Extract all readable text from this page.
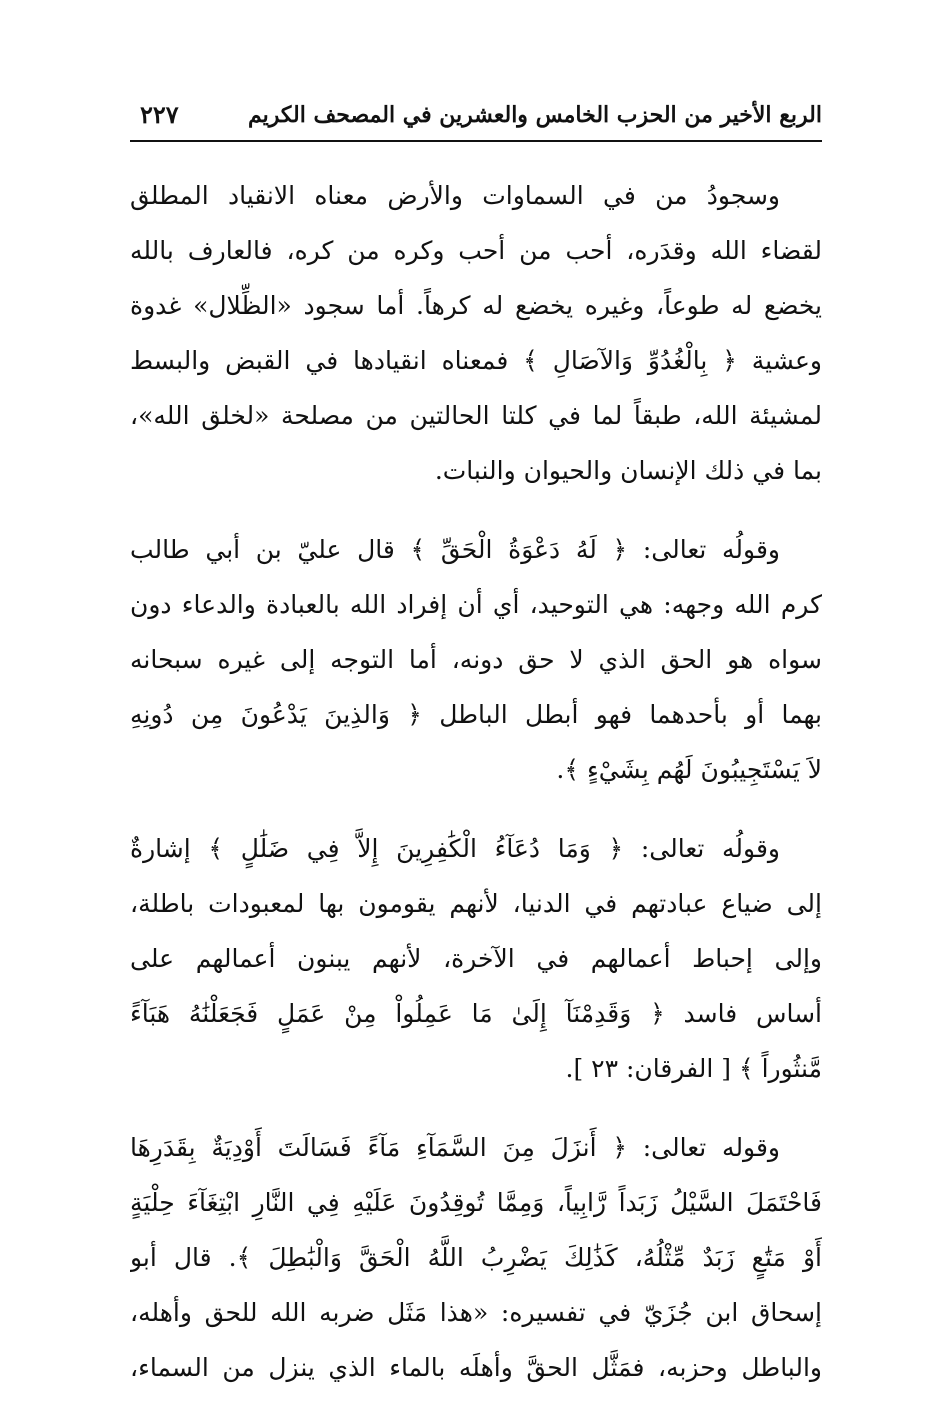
الربع الأخير من الحزب الخامس والعشرين في المصحف الكريم
٢٢٧
وسجودُ من في السماوات والأرض معناه الانقياد المطلق
لقضاء الله وقدَره، أحب من أحب وكره من كره، فالعارف بالله
يخضع له طوعاً، وغيره يخضع له كرهاً. أما سجود «الظِّلال» غدوة
وعشية ﴿ بِالْغُدُوِّ وَالآصَالِ ﴾ فمعناه انقيادها في القبض والبسط
لمشيئة الله، طبقاً لما في كلتا الحالتين من مصلحة «لخلق الله»،
بما في ذلك الإنسان والحيوان والنبات.
وقولُه تعالى: ﴿ لَهُ دَعْوَةُ الْحَقِّ ﴾ قال عليّ بن أبي طالب
كرم الله وجهه: هي التوحيد، أي أن إفراد الله بالعبادة والدعاء دون
سواه هو الحق الذي لا حق دونه، أما التوجه إلى غيره سبحانه
بهما أو بأحدهما فهو أبطل الباطل ﴿ وَالذِينَ يَدْعُونَ مِن دُونِهِ
لاَ يَسْتَجِيبُونَ لَهُم بِشَيْءٍ ﴾.
وقولُه تعالى: ﴿ وَمَا دُعَآءُ الْكَٰفِرِينَ إِلاَّ فِي ضَلَٰلٍ ﴾ إشارةٌ
إلى ضياع عبادتهم في الدنيا، لأنهم يقومون بها لمعبودات باطلة،
وإلى إحباط أعمالهم في الآخرة، لأنهم يبنون أعمالهم على
أساس فاسد ﴿ وَقَدِمْنَآ إِلَىٰ مَا عَمِلُواْ مِنْ عَمَلٍ فَجَعَلْنَٰهُ هَبَآءً
مَّنثُوراً ﴾ [ الفرقان: ٢٣ ].
وقوله تعالى: ﴿ أَنزَلَ مِنَ السَّمَآءِ مَآءً فَسَالَتَ أَوْدِيَةٌ بِقَدَرِهَا
فَاحْتَمَلَ السَّيْلُ زَبَداً رَّابِياً، وَمِمَّا تُوقِدُونَ عَلَيْهِ فِي النَّارِ ابْتِغَآءَ حِلْيَةٍ
أَوْ مَتَٰعٍ زَبَدٌ مِّثْلُهُ، كَذَٰلِكَ يَضْرِبُ اللَّهُ الْحَقَّ وَالْبَٰطِلَ ﴾. قال أبو
إسحاق ابن جُزَيّ في تفسيره: «هذا مَثَل ضربه الله للحق وأهله،
والباطل وحزبه، فمَثَّل الحقَّ وأهلَه بالماء الذي ينزل من السماء،
